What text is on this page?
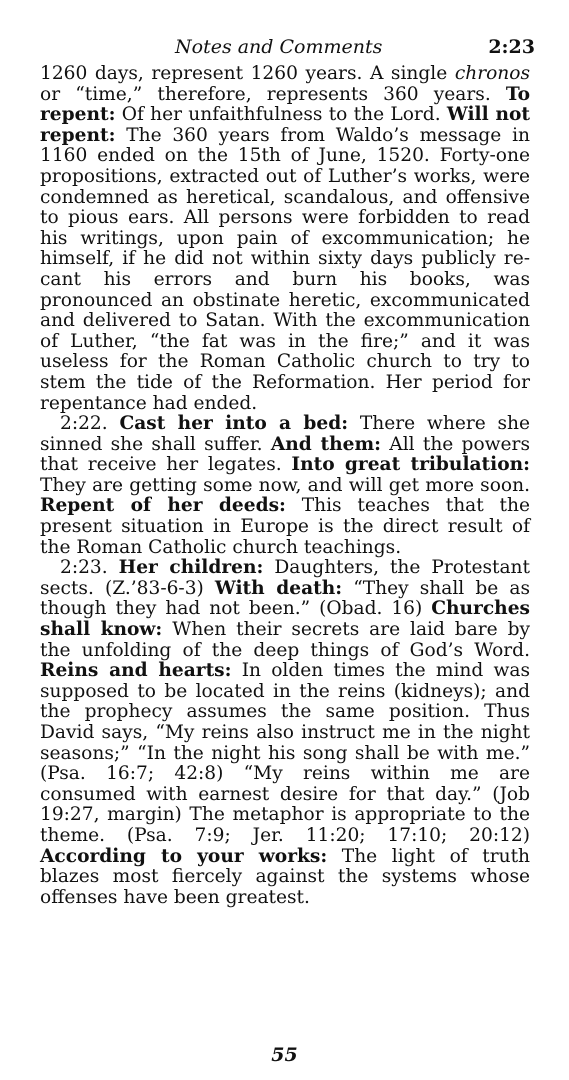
Notes and Comments	2:23

1260 days, represent 1260 years. A single chronos or “time,” therefore, represents 360 years. To repent: Of her unfaithfulness to the Lord. Will not repent: The 360 years from Waldo’s message in 1160 ended on the 15th of June, 1520. Forty-one propositions, extracted out of Luther’s works, were condemned as heretical, scandalous, and offensive to pious ears. All persons were forbidden to read his writings, upon pain of excommunication; he himself, if he did not within sixty days publicly recant his errors and burn his books, was pronounced an obstinate heretic, excommunicated and delivered to Satan. With the excommunication of Luther, “the fat was in the fire;” and it was useless for the Roman Catholic church to try to stem the tide of the Reformation. Her period for repentance had ended.

2:22. Cast her into a bed: There where she sinned she shall suffer. And them: All the powers that receive her legates. Into great tribulation: They are getting some now, and will get more soon. Repent of her deeds: This teaches that the present situation in Europe is the direct result of the Roman Catholic church teachings.

2:23. Her children: Daughters, the Protestant sects. (Z.’83-6-3) With death: “They shall be as though they had not been.” (Obad. 16) Churches shall know: When their secrets are laid bare by the unfolding of the deep things of God’s Word. Reins and hearts: In olden times the mind was supposed to be located in the reins (kidneys); and the prophecy assumes the same position. Thus David says, “My reins also instruct me in the night seasons;” “In the night his song shall be with me.” (Psa. 16:7; 42:8) “My reins within me are consumed with earnest desire for that day.” (Job 19:27, margin) The metaphor is appropriate to the theme. (Psa. 7:9; Jer. 11:20; 17:10; 20:12) According to your works: The light of truth blazes most fiercely against the systems whose offenses have been greatest.

55
